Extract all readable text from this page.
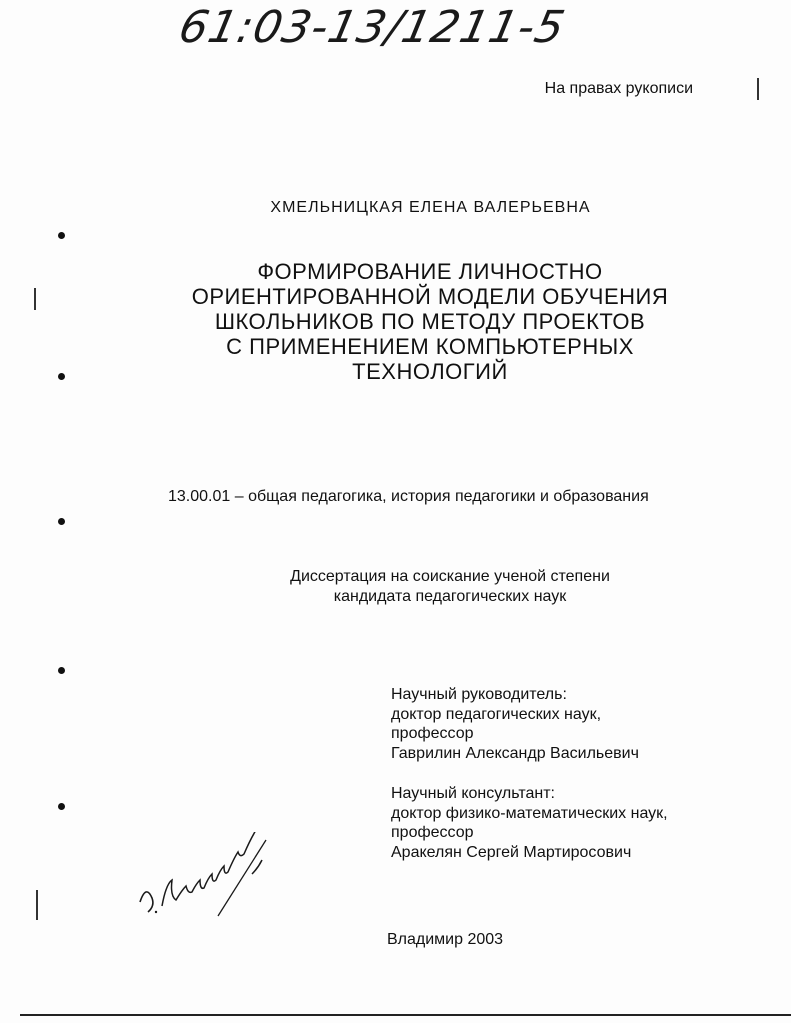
61:03-13/1211-5
На правах рукописи
ХМЕЛЬНИЦКАЯ ЕЛЕНА ВАЛЕРЬЕВНА
ФОРМИРОВАНИЕ ЛИЧНОСТНО
ОРИЕНТИРОВАННОЙ МОДЕЛИ ОБУЧЕНИЯ
ШКОЛЬНИКОВ ПО МЕТОДУ ПРОЕКТОВ
С ПРИМЕНЕНИЕМ КОМПЬЮТЕРНЫХ
ТЕХНОЛОГИЙ
13.00.01 – общая педагогика, история педагогики и образования
Диссертация на соискание ученой степени
кандидата педагогических наук
Научный руководитель:
доктор педагогических наук,
профессор
Гаврилин Александр Васильевич
Научный консультант:
доктор физико-математических наук,
профессор
Аракелян Сергей Мартиросович
Владимир 2003
